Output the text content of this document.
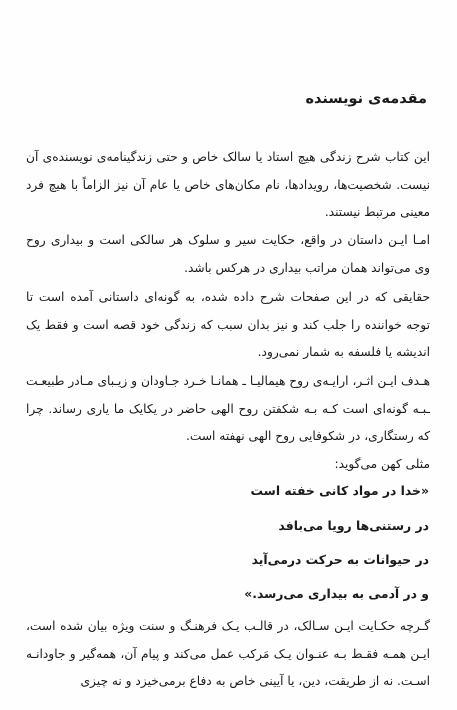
مقدمه‌ی نویسنده

این کتاب شرح زندگی هیچ استاد یا سالک خاص و حتی زندگینامه‌ی نویسنده‌ی آن نیست. شخصیت‌ها، رویدادها، نام مکان‌های خاص یا عام آن نیز الزاماً با هیچ فرد معینی مرتبط نیستند.

امـا ایـن داستان در واقع، حکایت سیر و سلوک هر سالکی است و بیداری روح وی می‌تواند همان مراتب بیداری در هرکس باشد.

حقایقی که در این صفحات شرح داده شده، به گونه‌ای داستانی آمده است تا توجه خواننده را جلب کند و نیز بدان سبب که زندگی خود قصه است و فقط یک اندیشه یا فلسفه به شمار نمی‌رود.

هـدف ایـن اثـر، ارایـه‌ی روح هیمالیـا ـ همانـا خـرد جـاودان و زیـبای مـادر طبیعـت ـبـه گونه‌ای است کـه بـه شکفتن روح الهی حاضر در یکایک ما یاری رساند. چرا که رستگاری، در شکوفایی روح الهی نهفته است.

مثلی کهن می‌گوید:

«خدا در مواد کانی خفته است
در رستنی‌ها رویا می‌بافد
در حیوانات به حرکت درمی‌آید
و در آدمی به بیداری می‌رسد.»

گـرچه حکـایت ایـن سـالک، در قالـب یـک فرهنـگ و سنت ویژه بیان شده است، ایـن همـه فقـط بـه عنـوان یـک مَرکب عمل می‌کند و پیام آن، همه‌گیر و جاودانـه اسـت. نه از طریقت، دین، یا آیینی خاص به دفاع برمی‌خیزد و نه چیزی
